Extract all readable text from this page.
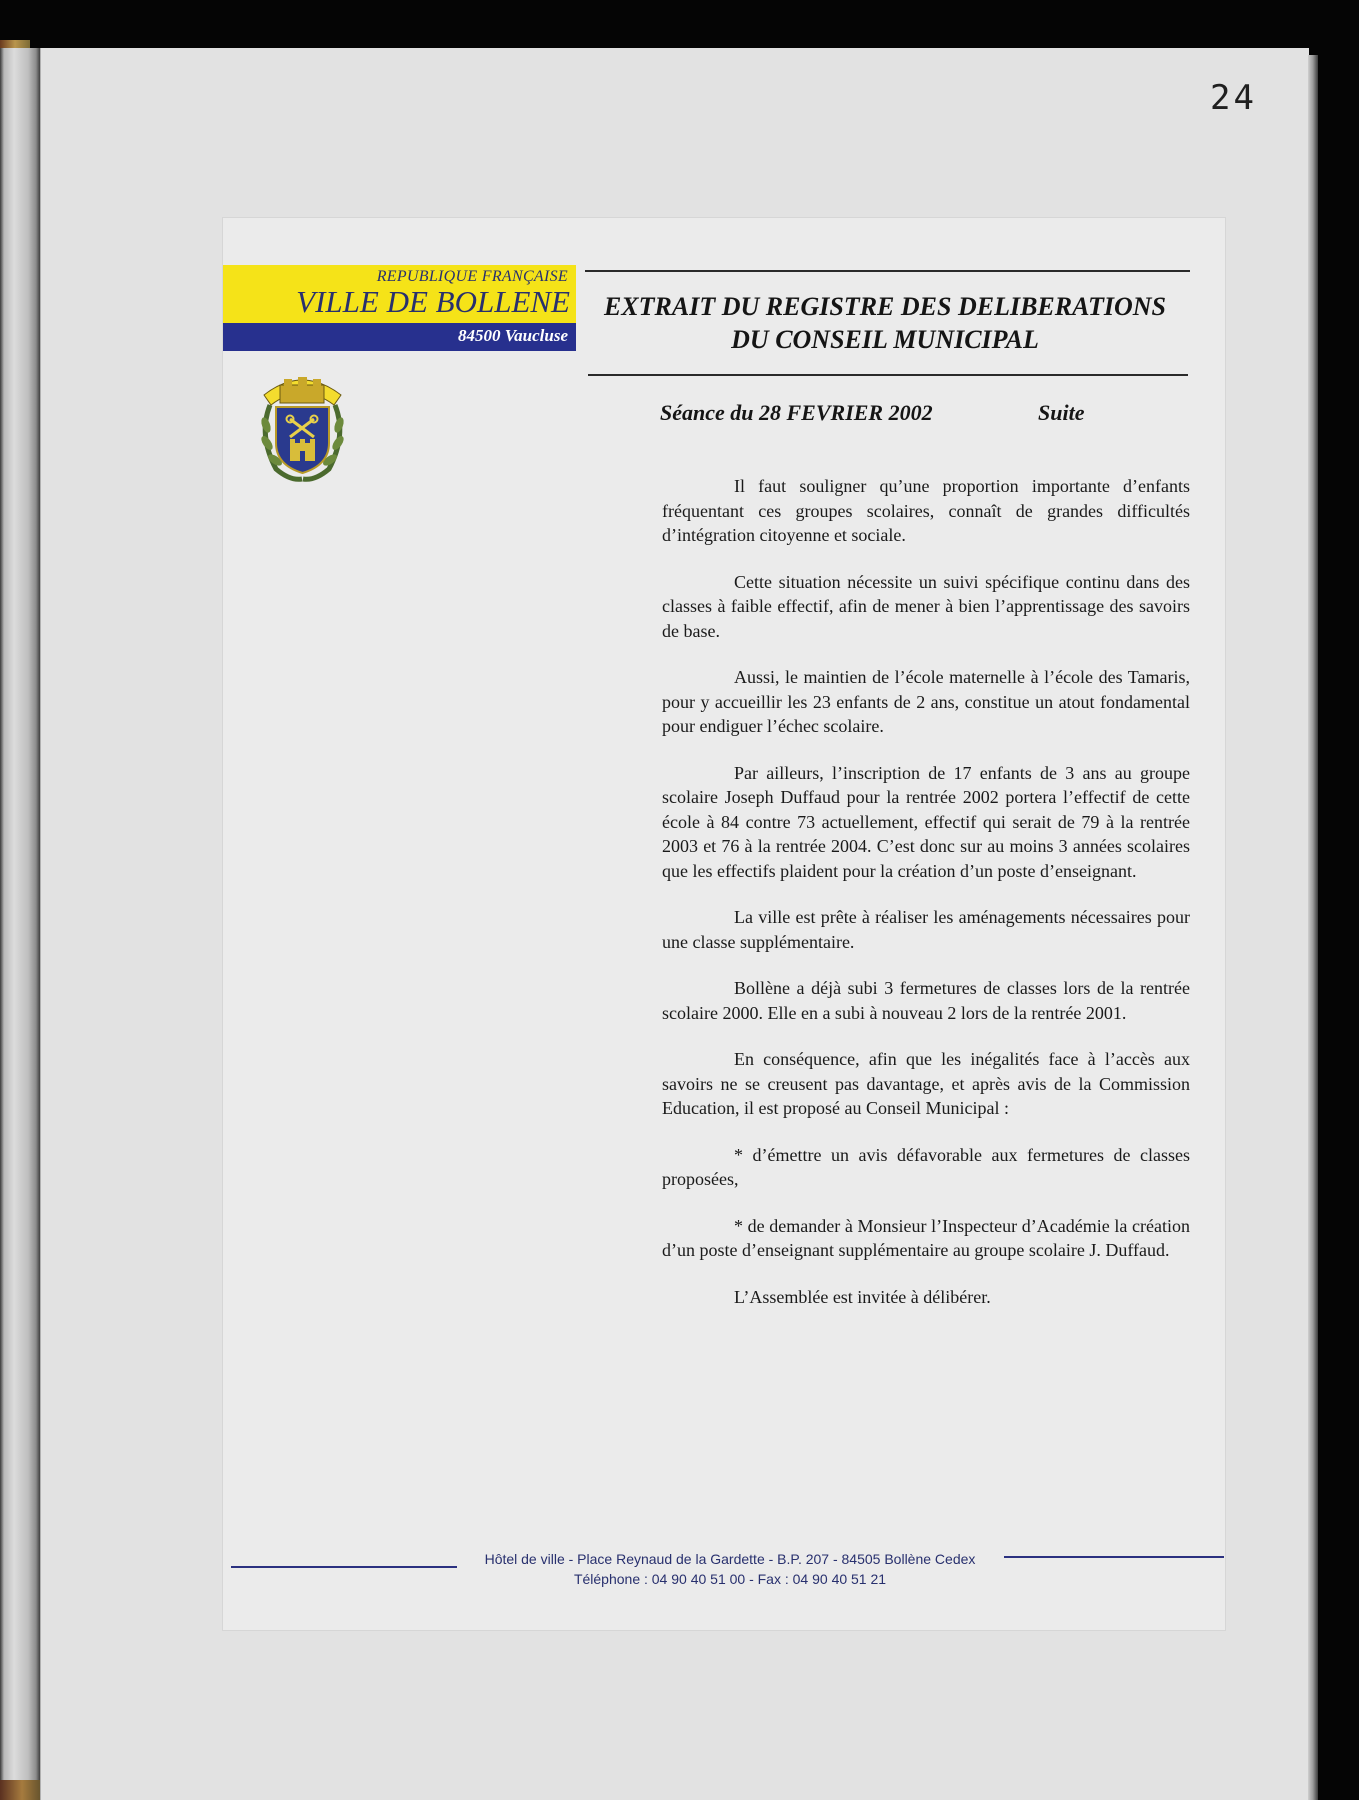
24
REPUBLIQUE FRANÇAISE
VILLE DE BOLLENE
84500 Vaucluse
EXTRAIT DU REGISTRE DES DELIBERATIONS
DU CONSEIL MUNICIPAL
Séance du 28 FEVRIER 2002	Suite

Il faut souligner qu’une proportion importante d’enfants fréquentant ces groupes scolaires, connaît de grandes difficultés d’intégration citoyenne et sociale.

Cette situation nécessite un suivi spécifique continu dans des classes à faible effectif, afin de mener à bien l’apprentissage des savoirs de base.

Aussi, le maintien de l’école maternelle à l’école des Tamaris, pour y accueillir les 23 enfants de 2 ans, constitue un atout fondamental pour endiguer l’échec scolaire.

Par ailleurs, l’inscription de 17 enfants de 3 ans au groupe scolaire Joseph Duffaud pour la rentrée 2002 portera l’effectif de cette école à 84 contre 73 actuellement, effectif qui serait de 79 à la rentrée 2003 et 76 à la rentrée 2004. C’est donc sur au moins 3 années scolaires que les effectifs plaident pour la création d’un poste d’enseignant.

La ville est prête à réaliser les aménagements nécessaires pour une classe supplémentaire.

Bollène a déjà subi 3 fermetures de classes lors de la rentrée scolaire 2000. Elle en a subi à nouveau 2 lors de la rentrée 2001.

En conséquence, afin que les inégalités face à l’accès aux savoirs ne se creusent pas davantage, et après avis de la Commission Education, il est proposé au Conseil Municipal :

* d’émettre un avis défavorable aux fermetures de classes proposées,

* de demander à Monsieur l’Inspecteur d’Académie la création d’un poste d’enseignant supplémentaire au groupe scolaire J. Duffaud.

L’Assemblée est invitée à délibérer.

Hôtel de ville - Place Reynaud de la Gardette - B.P. 207 - 84505 Bollène Cedex
Téléphone : 04 90 40 51 00 - Fax : 04 90 40 51 21
